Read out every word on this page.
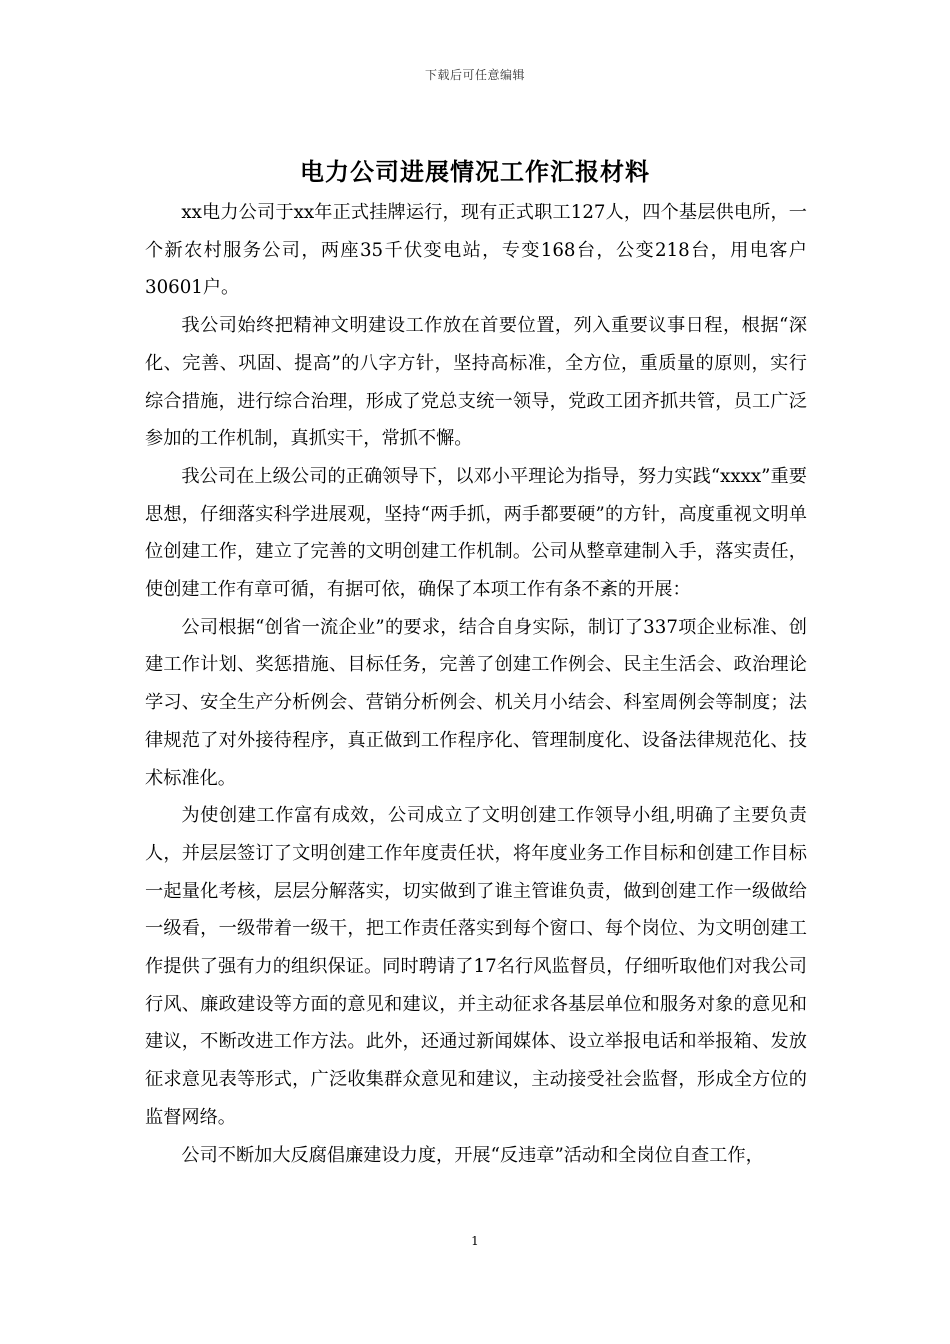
下载后可任意编辑
电力公司进展情况工作汇报材料

xx电力公司于xx年正式挂牌运行，现有正式职工127人，四个基层供电所，一个新农村服务公司，两座35千伏变电站，专变168台，公变218台，用电客户30601户。

我公司始终把精神文明建设工作放在首要位置，列入重要议事日程，根据“深化、完善、巩固、提高”的八字方针，坚持高标准，全方位，重质量的原则，实行综合措施，进行综合治理，形成了党总支统一领导，党政工团齐抓共管，员工广泛参加的工作机制，真抓实干，常抓不懈。

我公司在上级公司的正确领导下，以邓小平理论为指导，努力实践“xxxx”重要思想，仔细落实科学进展观，坚持“两手抓，两手都要硬”的方针，高度重视文明单位创建工作，建立了完善的文明创建工作机制。公司从整章建制入手，落实责任，使创建工作有章可循，有据可依，确保了本项工作有条不紊的开展：

公司根据“创省一流企业”的要求，结合自身实际，制订了337项企业标准、创建工作计划、奖惩措施、目标任务，完善了创建工作例会、民主生活会、政治理论学习、安全生产分析例会、营销分析例会、机关月小结会、科室周例会等制度；法律规范了对外接待程序，真正做到工作程序化、管理制度化、设备法律规范化、技术标准化。

为使创建工作富有成效，公司成立了文明创建工作领导小组,明确了主要负责人，并层层签订了文明创建工作年度责任状，将年度业务工作目标和创建工作目标一起量化考核，层层分解落实，切实做到了谁主管谁负责，做到创建工作一级做给一级看，一级带着一级干，把工作责任落实到每个窗口、每个岗位、为文明创建工作提供了强有力的组织保证。同时聘请了17名行风监督员，仔细听取他们对我公司行风、廉政建设等方面的意见和建议，并主动征求各基层单位和服务对象的意见和建议，不断改进工作方法。此外，还通过新闻媒体、设立举报电话和举报箱、发放征求意见表等形式，广泛收集群众意见和建议，主动接受社会监督，形成全方位的监督网络。

公司不断加大反腐倡廉建设力度，开展“反违章”活动和全岗位自查工作，

1
